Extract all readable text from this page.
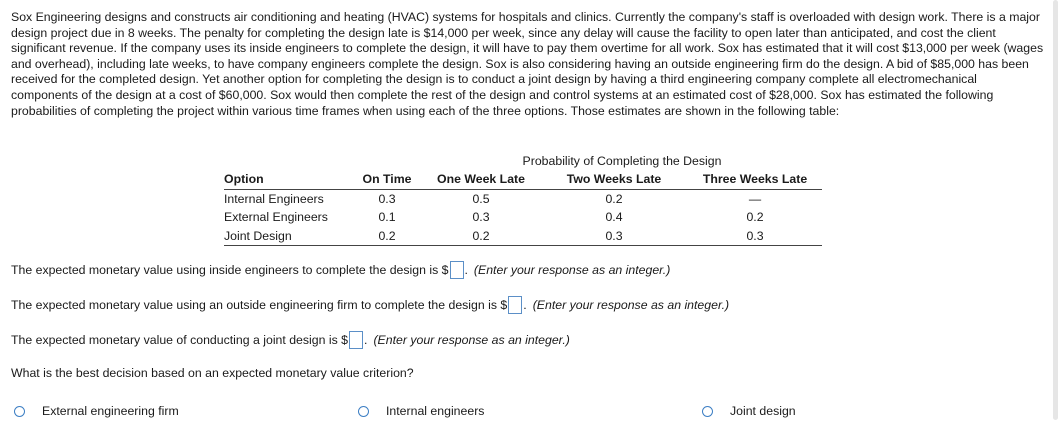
Sox Engineering designs and constructs air conditioning and heating (HVAC) systems for hospitals and clinics. Currently the company's staff is overloaded with design work. There is a major design project due in 8 weeks. The penalty for completing the design late is $14,000 per week, since any delay will cause the facility to open later than anticipated, and cost the client significant revenue. If the company uses its inside engineers to complete the design, it will have to pay them overtime for all work. Sox has estimated that it will cost $13,000 per week (wages and overhead), including late weeks, to have company engineers complete the design. Sox is also considering having an outside engineering firm do the design. A bid of $85,000 has been received for the completed design. Yet another option for completing the design is to conduct a joint design by having a third engineering company complete all electromechanical components of the design at a cost of $60,000. Sox would then complete the rest of the design and control systems at an estimated cost of $28,000. Sox has estimated the following probabilities of completing the project within various time frames when using each of the three options. Those estimates are shown in the following table:

		Probability of Completing the Design			
Option	On Time	One Week Late	Two Weeks Late	Three Weeks Late	
Internal Engineers	0.3	0.5	0.2	—	
External Engineers	0.1	0.3	0.4	0.2	
Joint Design	0.2	0.2	0.3	0.3	
The expected monetary value using inside engineers to complete the design is $ . (Enter your response as an integer.)
The expected monetary value using an outside engineering firm to complete the design is $ . (Enter your response as an integer.)
The expected monetary value of conducting a joint design is $ . (Enter your response as an integer.)
What is the best decision based on an expected monetary value criterion?
External engineering firm	Internal engineers	Joint design
